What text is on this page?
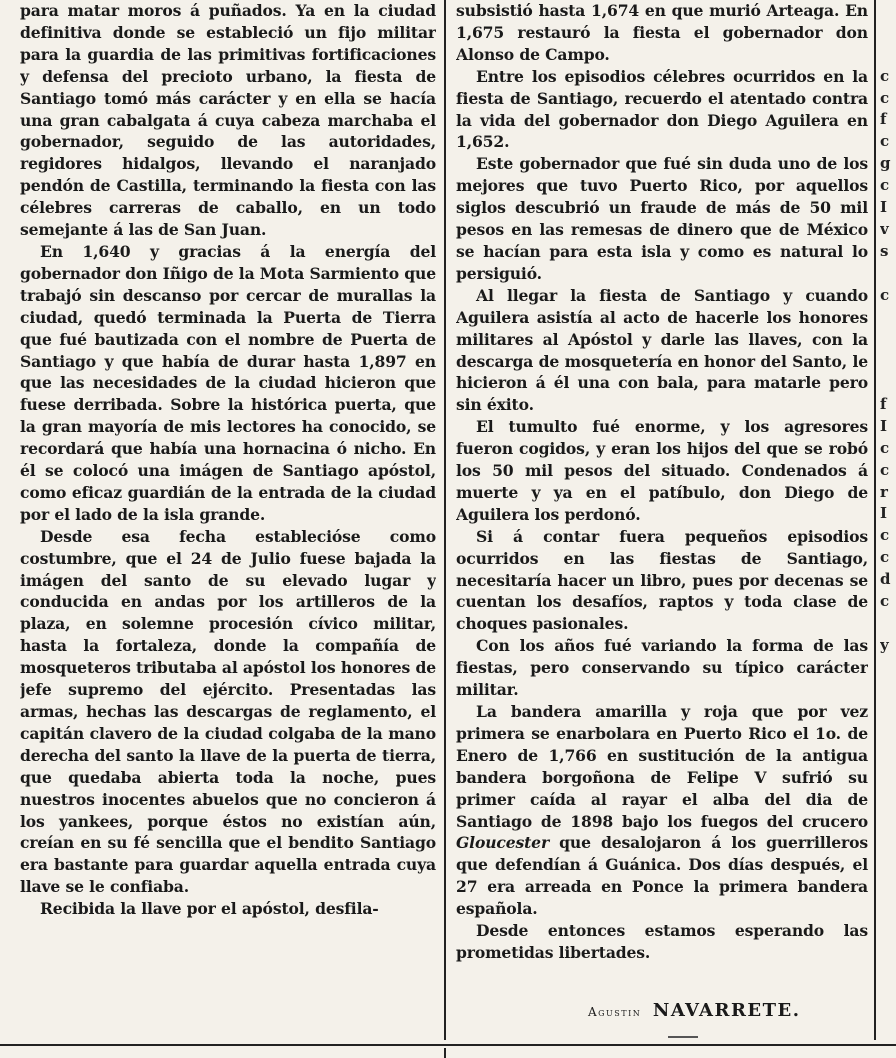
para matar moros á puñados. Ya en la ciudad definitiva donde se estableció un fijo militar para la guardia de las primitivas fortificaciones y defensa del precioto urbano, la fiesta de Santiago tomó más carácter y en ella se hacía una gran cabalgata á cuya cabeza marchaba el gobernador, seguido de las autoridades, regidores hidalgos, llevando el naranjado pendón de Castilla, terminando la fiesta con las célebres carreras de caballo, en un todo semejante á las de San Juan.

En 1,640 y gracias á la energía del gobernador don Iñigo de la Mota Sarmiento que trabajó sin descanso por cercar de murallas la ciudad, quedó terminada la Puerta de Tierra que fué bautizada con el nombre de Puerta de Santiago y que había de durar hasta 1,897 en que las necesidades de la ciudad hicieron que fuese derribada. Sobre la histórica puerta, que la gran mayoría de mis lectores ha conocido, se recordará que había una hornacina ó nicho. En él se colocó una imágen de Santiago apóstol, como eficaz guardián de la entrada de la ciudad por el lado de la isla grande.

Desde esa fecha establecióse como costumbre, que el 24 de Julio fuese bajada la imágen del santo de su elevado lugar y conducida en andas por los artilleros de la plaza, en solemne procesión cívico militar, hasta la fortaleza, donde la compañía de mosqueteros tributaba al apóstol los honores de jefe supremo del ejército. Presentadas las armas, hechas las descargas de reglamento, el capitán clavero de la ciudad colgaba de la mano derecha del santo la llave de la puerta de tierra, que quedaba abierta toda la noche, pues nuestros inocentes abuelos que no concieron á los yankees, porque éstos no existían aún, creían en su fé sencilla que el bendito Santiago era bastante para guardar aquella entrada cuya llave se le confiaba.

Recibida la llave por el apóstol, desfila-

subsistió hasta 1,674 en que murió Arteaga. En 1,675 restauró la fiesta el gobernador don Alonso de Campo.

Entre los episodios célebres ocurridos en la fiesta de Santiago, recuerdo el atentado contra la vida del gobernador don Diego Aguilera en 1,652.

Este gobernador que fué sin duda uno de los mejores que tuvo Puerto Rico, por aquellos siglos descubrió un fraude de más de 50 mil pesos en las remesas de dinero que de México se hacían para esta isla y como es natural lo persiguió.

Al llegar la fiesta de Santiago y cuando Aguilera asistía al acto de hacerle los honores militares al Apóstol y darle las llaves, con la descarga de mosquetería en honor del Santo, le hicieron á él una con bala, para matarle pero sin éxito.

El tumulto fué enorme, y los agresores fueron cogidos, y eran los hijos del que se robó los 50 mil pesos del situado. Condenados á muerte y ya en el patíbulo, don Diego de Aguilera los perdonó.

Si á contar fuera pequeños episodios ocurridos en las fiestas de Santiago, necesitaría hacer un libro, pues por decenas se cuentan los desafíos, raptos y toda clase de choques pasionales.

Con los años fué variando la forma de las fiestas, pero conservando su típico carácter militar.

La bandera amarilla y roja que por vez primera se enarbolara en Puerto Rico el 1o. de Enero de 1,766 en sustitución de la antigua bandera borgoñona de Felipe V sufrió su primer caída al rayar el alba del dia de Santiago de 1898 bajo los fuegos del crucero Gloucester que desalojaron á los guerrilleros que defendían á Guánica. Dos días después, el 27 era arreada en Ponce la primera bandera española.

Desde entonces estamos esperando las prometidas libertades.

Agustin NAVARRETE.
c
c
f
c
g
c
I
v
s
c
f
I
c
c
r
I
c
c
d
c
y
